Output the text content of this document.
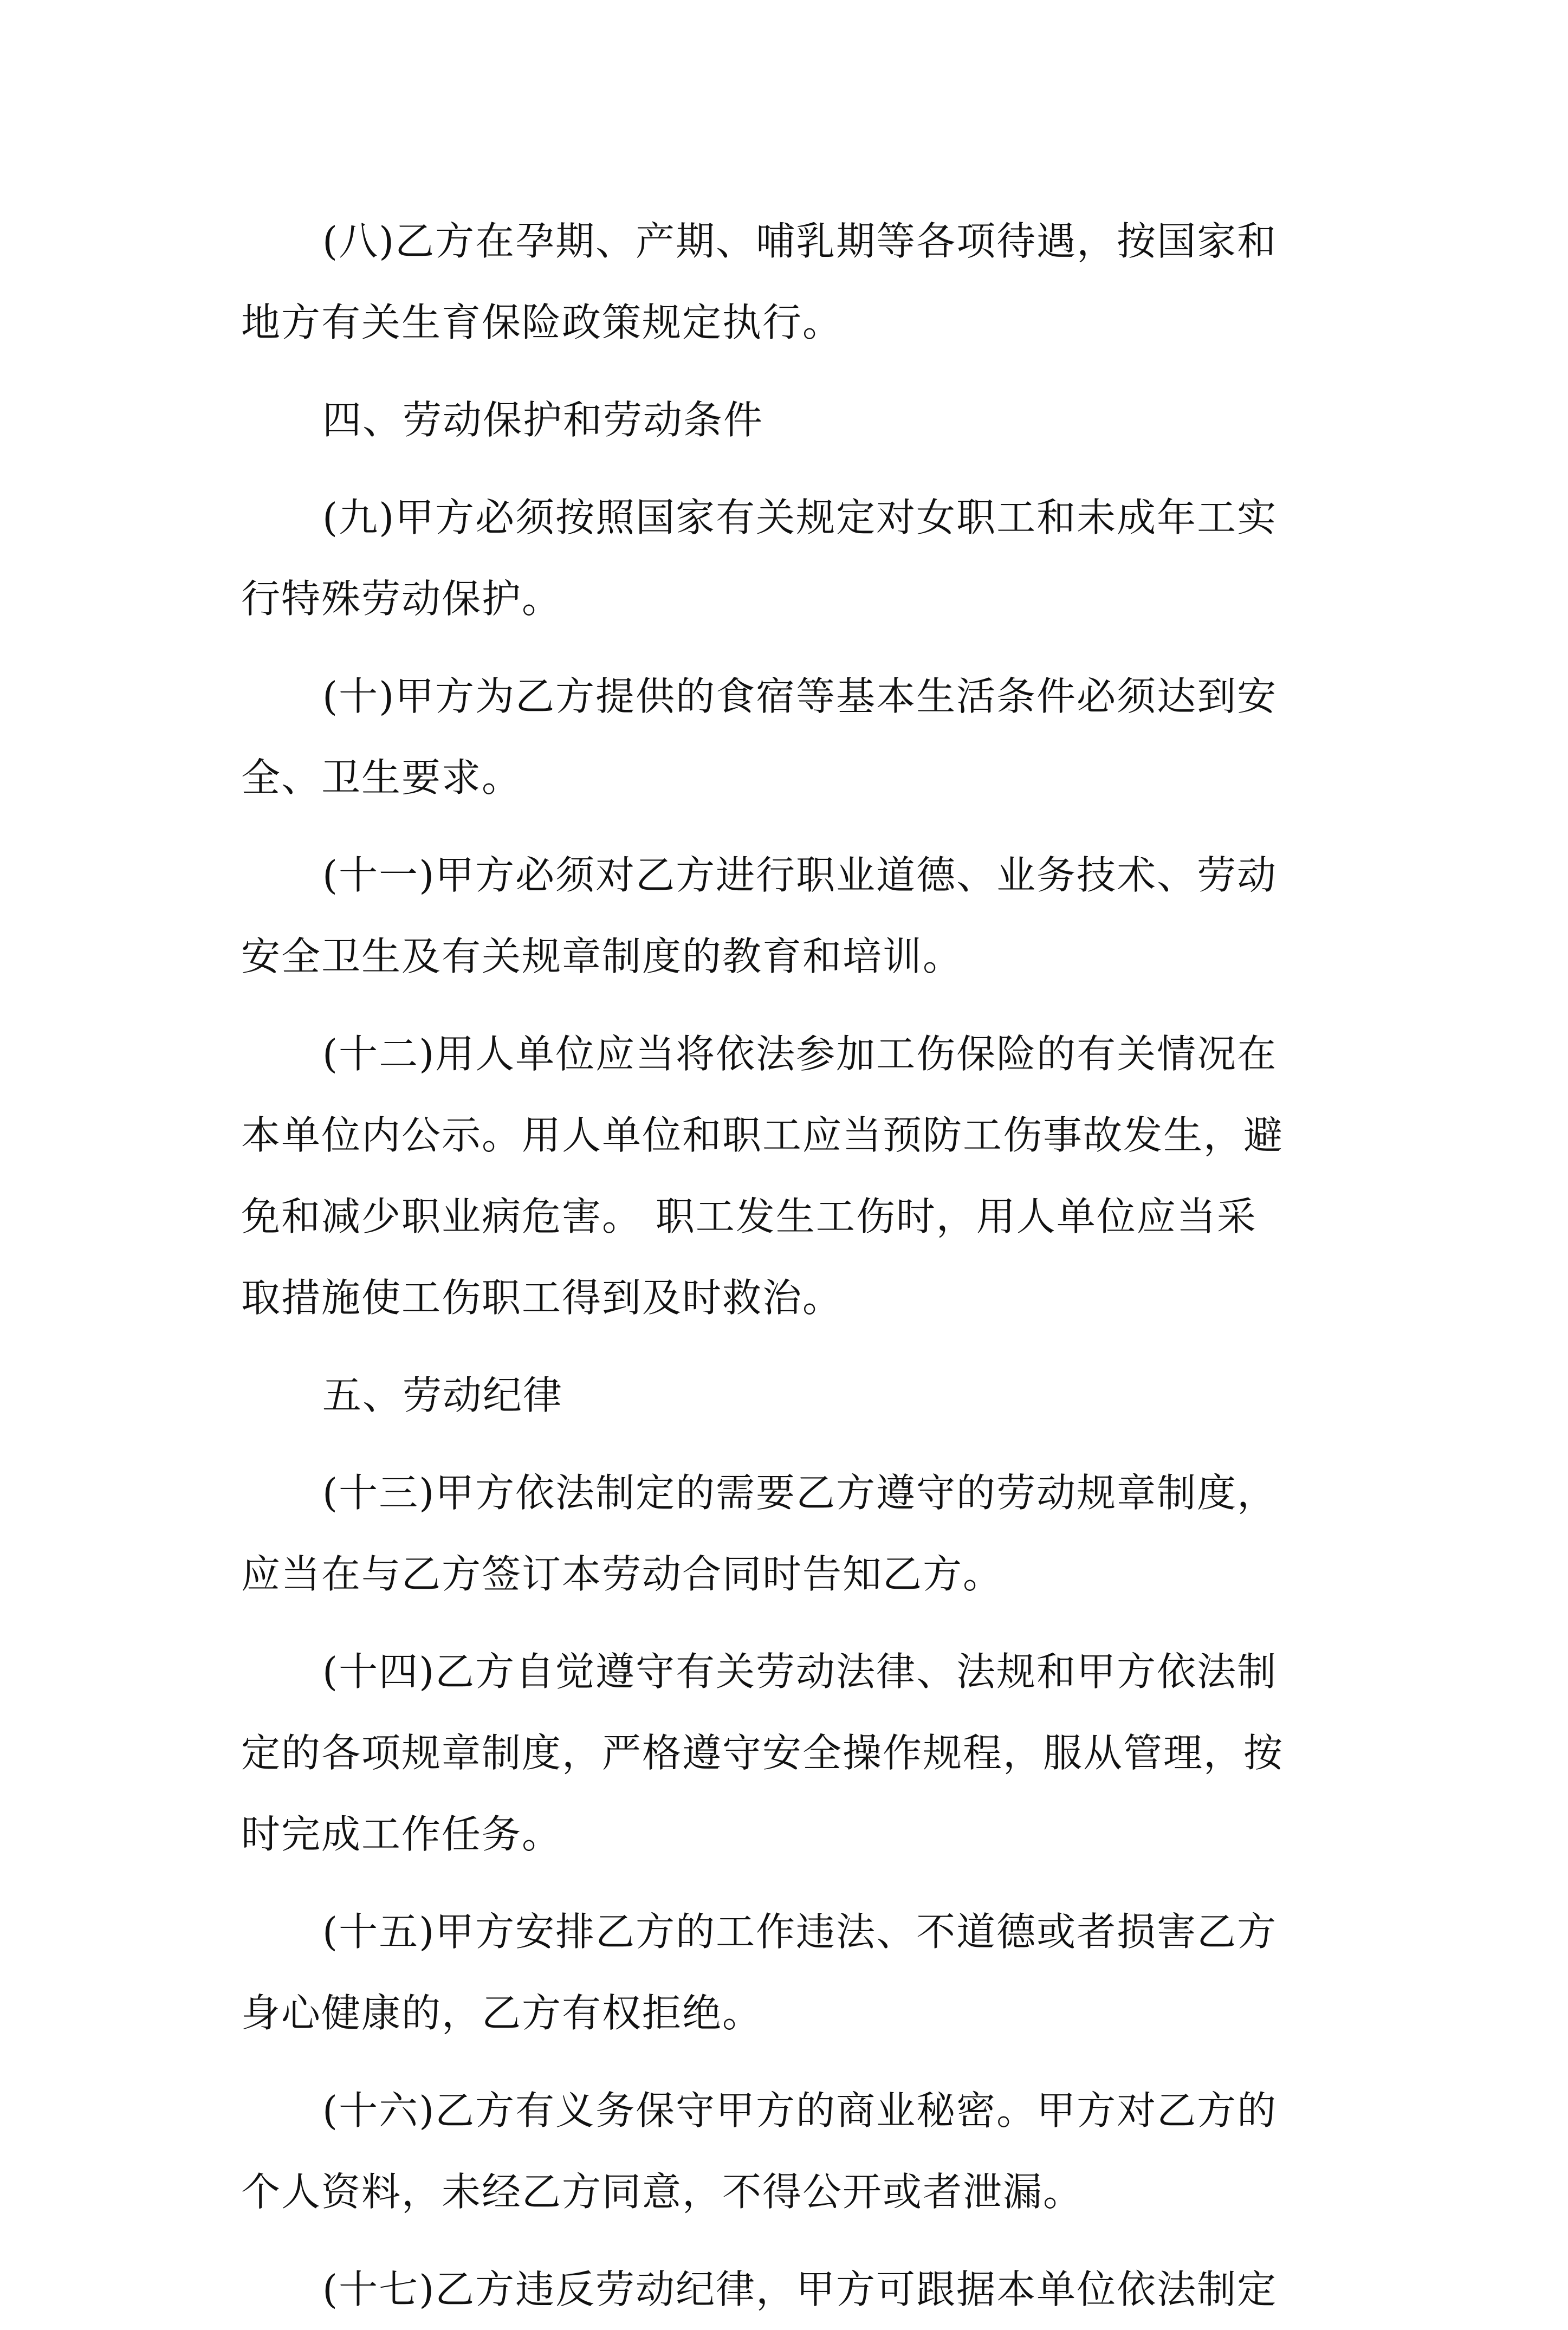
(八)乙方在孕期、产期、哺乳期等各项待遇，按国家和
地方有关生育保险政策规定执行。
四、劳动保护和劳动条件
(九)甲方必须按照国家有关规定对女职工和未成年工实
行特殊劳动保护。
(十)甲方为乙方提供的食宿等基本生活条件必须达到安
全、卫生要求。
(十一)甲方必须对乙方进行职业道德、业务技术、劳动
安全卫生及有关规章制度的教育和培训。
(十二)用人单位应当将依法参加工伤保险的有关情况在
本单位内公示。用人单位和职工应当预防工伤事故发生，避
免和减少职业病危害。 职工发生工伤时，用人单位应当采
取措施使工伤职工得到及时救治。
五、劳动纪律
(十三)甲方依法制定的需要乙方遵守的劳动规章制度，
应当在与乙方签订本劳动合同时告知乙方。
(十四)乙方自觉遵守有关劳动法律、法规和甲方依法制
定的各项规章制度，严格遵守安全操作规程，服从管理，按
时完成工作任务。
(十五)甲方安排乙方的工作违法、不道德或者损害乙方
身心健康的，乙方有权拒绝。
(十六)乙方有义务保守甲方的商业秘密。甲方对乙方的
个人资料，未经乙方同意，不得公开或者泄漏。
(十七)乙方违反劳动纪律，甲方可跟据本单位依法制定
